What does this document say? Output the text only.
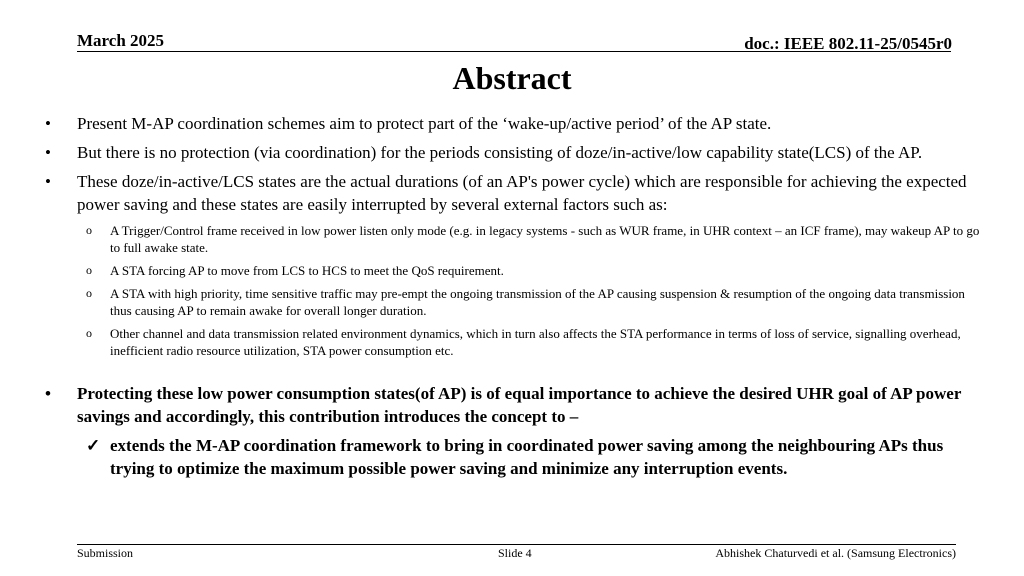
March 2025	doc.: IEEE 802.11-25/0545r0
Abstract
• Present M-AP coordination schemes aim to protect part of the ‘wake-up/active period’ of the AP state.
• But there is no protection (via coordination) for the periods consisting of doze/in-active/low capability state(LCS) of the AP.
• These doze/in-active/LCS states are the actual durations (of an AP's power cycle) which are responsible for achieving the expected power saving and these states are easily interrupted by several external factors such as:
o A Trigger/Control frame received in low power listen only mode (e.g. in legacy systems - such as WUR frame, in UHR context – an ICF frame), may wakeup AP to go to full awake state.
o A STA forcing AP to move from LCS to HCS to meet the QoS requirement.
o A STA with high priority, time sensitive traffic may pre-empt the ongoing transmission of the AP causing suspension & resumption of the ongoing data transmission thus causing AP to remain awake for overall longer duration.
o Other channel and data transmission related environment dynamics, which in turn also affects the STA performance in terms of loss of service, signalling overhead, inefficient radio resource utilization, STA power consumption etc.
• Protecting these low power consumption states(of AP) is of equal importance to achieve the desired UHR goal of AP power savings and accordingly, this contribution introduces the concept to –
✓ extends the M-AP coordination framework to bring in coordinated power saving among the neighbouring APs thus trying to optimize the maximum possible power saving and minimize any interruption events.
Submission	Slide 4	Abhishek Chaturvedi et al. (Samsung Electronics)
